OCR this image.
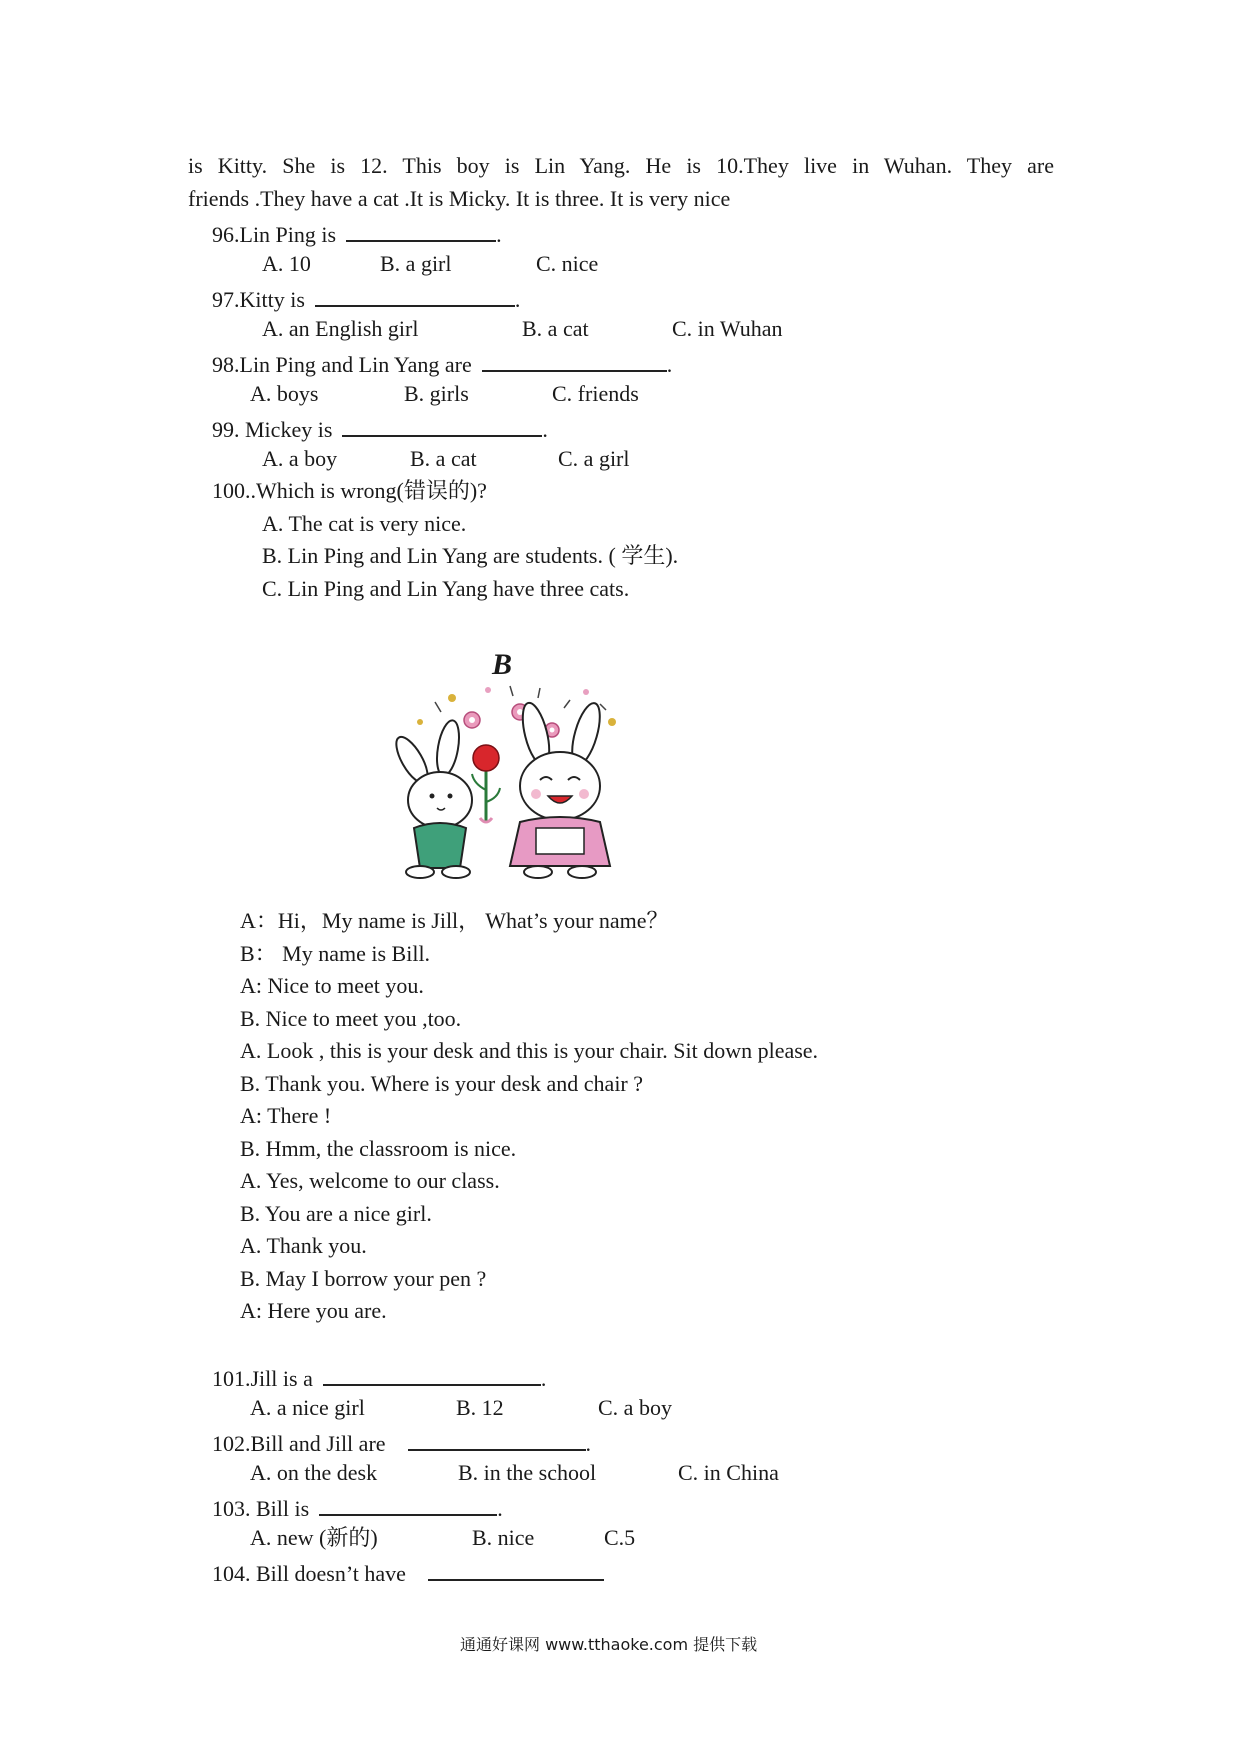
is Kitty. She is 12. This boy is Lin Yang. He is 10.They live in Wuhan. They are
friends .They have a cat .It is Micky. It is three. It is very nice
96.Lin Ping is	.
A. 10	B. a girl	C. nice
97.Kitty is	.
A. an English girl	B. a cat	C. in Wuhan
98.Lin Ping and Lin Yang are	.
A. boys	B. girls	C. friends
99. Mickey is	.
A. a boy	B. a cat	C. a girl
100..Which is wrong(错误的)?
A. The cat is very nice.
B. Lin Ping and Lin Yang are students. ( 学生).
C. Lin Ping and Lin Yang have three cats.
B
A：Hi，My name is Jill， What’s your name？
B： My name is Bill.
A: Nice to meet you.
B. Nice to meet you ,too.
A. Look , this is your desk and this is your chair. Sit down please.
B. Thank you. Where is your desk and chair ?
A: There !
B. Hmm, the classroom is nice.
A. Yes, welcome to our class.
B. You are a nice girl.
A. Thank you.
B. May I borrow your pen ?
A: Here you are.
101.Jill is a	.
A. a nice girl	B. 12	C. a boy
102.Bill and Jill are	.
A. on the desk	B. in the school	C. in China
103. Bill is	.
A. new (新的)	B. nice	C.5
104. Bill doesn’t have
通通好课网 www.tthaoke.com 提供下载
